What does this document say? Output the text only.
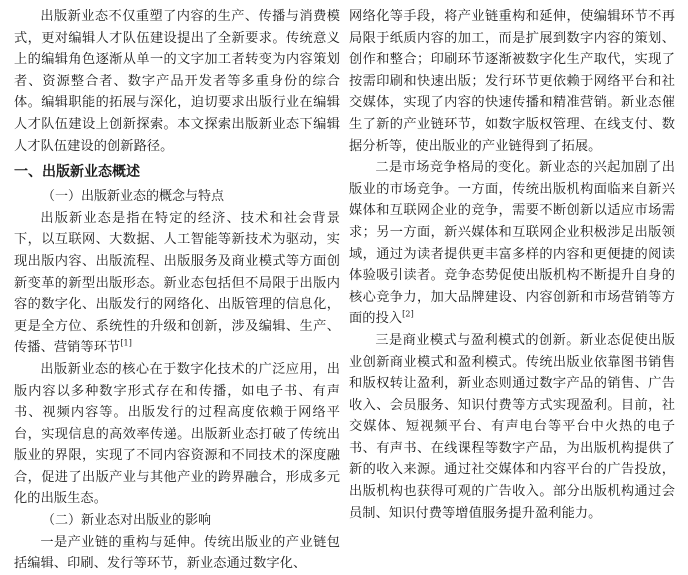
出版新业态不仅重塑了内容的生产、传播与消费模式，更对编辑人才队伍建设提出了全新要求。传统意义上的编辑角色逐渐从单一的文字加工者转变为内容策划者、资源整合者、数字产品开发者等多重身份的综合体。编辑职能的拓展与深化，迫切要求出版行业在编辑人才队伍建设上创新探索。本文探索出版新业态下编辑人才队伍建设的创新路径。

一、出版新业态概述
（一）出版新业态的概念与特点

出版新业态是指在特定的经济、技术和社会背景下，以互联网、大数据、人工智能等新技术为驱动，实现出版内容、出版流程、出版服务及商业模式等方面创新变革的新型出版形态。新业态包括但不局限于出版内容的数字化、出版发行的网络化、出版管理的信息化，更是全方位、系统性的升级和创新，涉及编辑、生产、传播、营销等环节[1]

出版新业态的核心在于数字化技术的广泛应用，出版内容以多种数字形式存在和传播，如电子书、有声书、视频内容等。出版发行的过程高度依赖于网络平台，实现信息的高效率传递。出版新业态打破了传统出版业的界限，实现了不同内容资源和不同技术的深度融合，促进了出版产业与其他产业的跨界融合，形成多元化的出版生态。

（二）新业态对出版业的影响

一是产业链的重构与延伸。传统出版业的产业链包括编辑、印刷、发行等环节，新业态通过数字化、

网络化等手段，将产业链重构和延伸，使编辑环节不再局限于纸质内容的加工，而是扩展到数字内容的策划、创作和整合；印刷环节逐渐被数字化生产取代，实现了按需印刷和快速出版；发行环节更依赖于网络平台和社交媒体，实现了内容的快速传播和精准营销。新业态催生了新的产业链环节，如数字版权管理、在线支付、数据分析等，使出版业的产业链得到了拓展。

二是市场竞争格局的变化。新业态的兴起加剧了出版业的市场竞争。一方面，传统出版机构面临来自新兴媒体和互联网企业的竞争，需要不断创新以适应市场需求；另一方面，新兴媒体和互联网企业积极涉足出版领域，通过为读者提供更丰富多样的内容和更便捷的阅读体验吸引读者。竞争态势促使出版机构不断提升自身的核心竞争力，加大品牌建设、内容创新和市场营销等方面的投入[2]

三是商业模式与盈利模式的创新。新业态促使出版业创新商业模式和盈利模式。传统出版业依靠图书销售和版权转让盈利，新业态则通过数字产品的销售、广告收入、会员服务、知识付费等方式实现盈利。目前，社交媒体、短视频平台、有声电台等平台中火热的电子书、有声书、在线课程等数字产品，为出版机构提供了新的收入来源。通过社交媒体和内容平台的广告投放，出版机构也获得可观的广告收入。部分出版机构通过会员制、知识付费等增值服务提升盈利能力。
